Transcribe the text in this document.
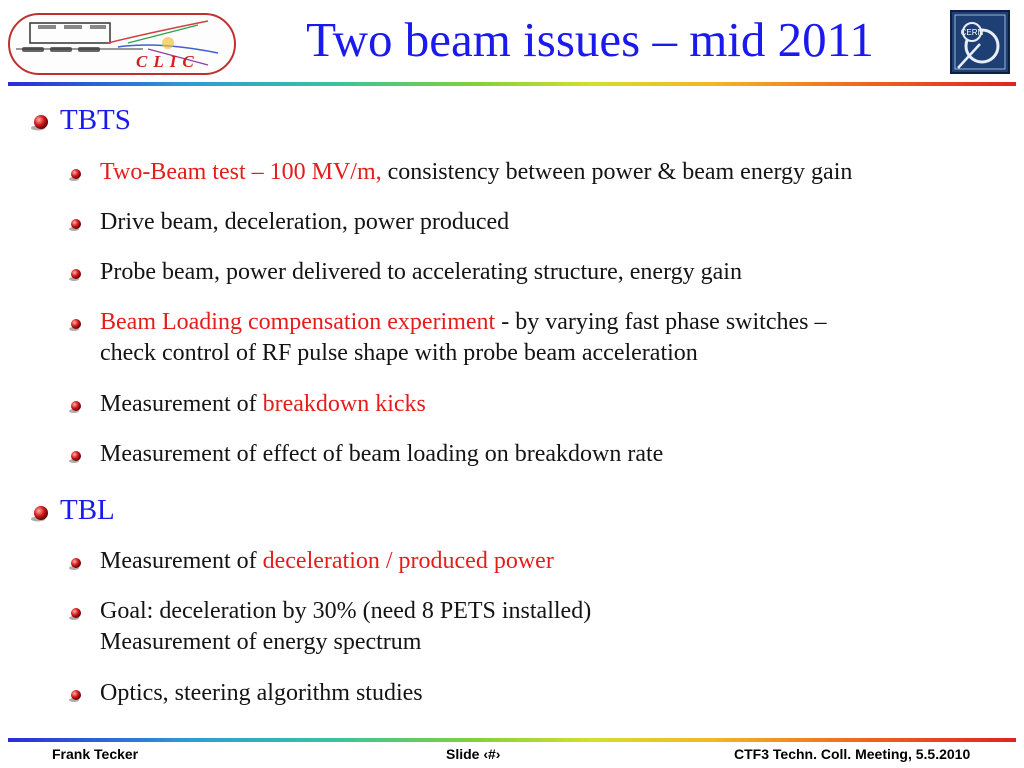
CLIC	Two beam issues – mid 2011	CERN
TBTS
Two-Beam test – 100 MV/m, consistency between power & beam energy gain
Drive beam, deceleration, power produced
Probe beam, power delivered to accelerating structure, energy gain
Beam Loading compensation experiment - by varying fast phase switches –
check control of RF pulse shape with probe beam acceleration
Measurement of breakdown kicks
Measurement of effect of beam loading on breakdown rate
TBL
Measurement of deceleration / produced power
Goal: deceleration by 30% (need 8 PETS installed)
Measurement of energy spectrum
Optics, steering algorithm studies
Frank Tecker	Slide ‹#›	CTF3 Techn. Coll. Meeting, 5.5.2010
